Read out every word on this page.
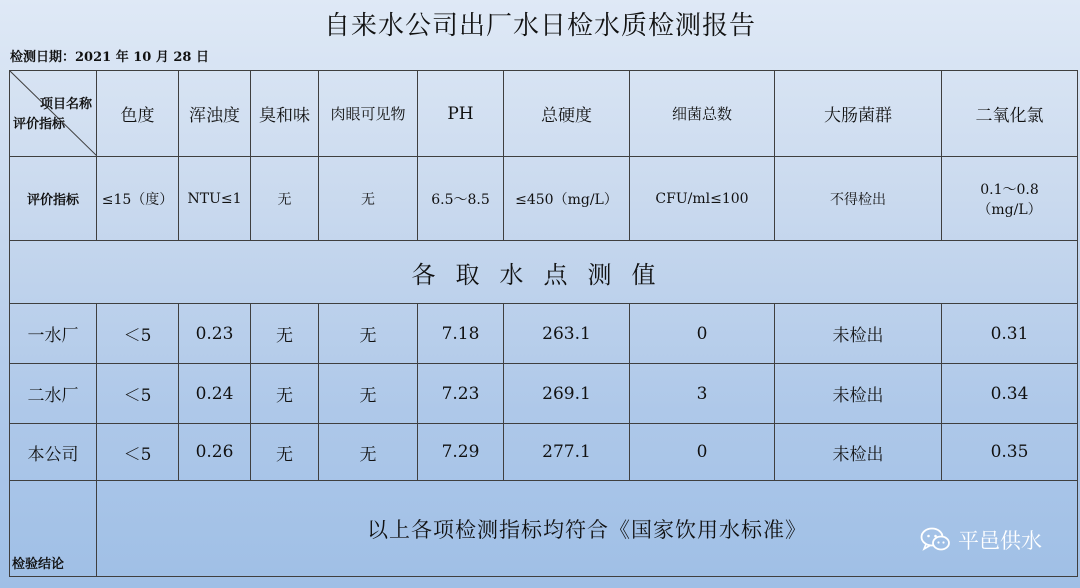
自来水公司出厂水日检水质检测报告
检测日期：2021 年 10 月 28 日
项目名称
评价指标	色度	浑浊度	臭和味	肉眼可见物	PH	总硬度	细菌总数	大肠菌群	二氧化氯
评价指标	≤15（度）	NTU≤1	无	无	6.5～8.5	≤450（mg/L）	CFU/ml≤100	不得检出	0.1～0.8
（mg/L）

各取水点测值									
一水厂	＜5	0.23	无	无	7.18	263.1	0	未检出	0.31
二水厂	＜5	0.24	无	无	7.23	269.1	3	未检出	0.34
本公司	＜5	0.26	无	无	7.29	277.1	0	未检出	0.35

检验结论	以上各项检测指标均符合《国家饮用水标准》									平邑供水
